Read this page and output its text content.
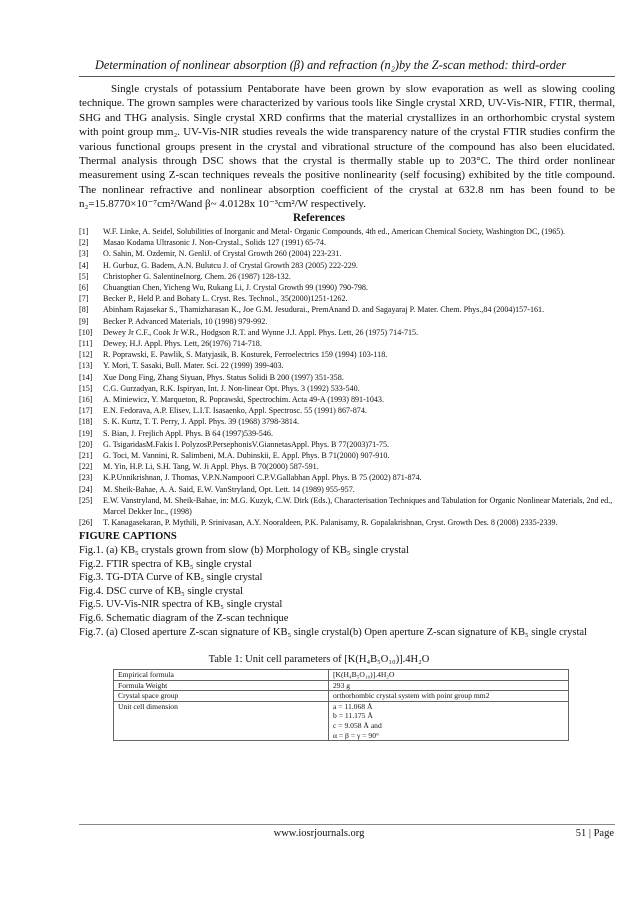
Determination of nonlinear absorption (β) and refraction (n₂)by the Z-scan method: third-order

Single crystals of potassium Pentaborate have been grown by slow evaporation as well as slowing cooling technique. The grown samples were characterized by various tools like Single crystal XRD, UV-Vis-NIR, FTIR, thermal, SHG and THG analysis. Single crystal XRD confirms that the material crystallizes in an orthorhombic crystal system with point group mm₂. UV-Vis-NIR studies reveals the wide transparency nature of the crystal FTIR studies confirm the various functional groups present in the crystal and vibrational structure of the compound has also been elucidated. Thermal analysis through DSC shows that the crystal is thermally stable up to 203°C. The third order nonlinear measurement using Z-scan techniques reveals the positive nonlinearity (self focusing) exhibited by the title compound. The nonlinear refractive and nonlinear absorption coefficient of the crystal at 632.8 nm has been found to be n₂=15.8770×10⁻⁷cm²/Wand β~ 4.0128x 10⁻³cm²/W respectively.

References
[1]	W.F. Linke, A. Seidel, Solubilities of Inorganic and Metal- Organic Compounds, 4th ed., American Chemical Society, Washington DC, (1965).
[2]	Masao Kodama Ultrasonic J. Non-Crystal., Solids 127 (1991) 65-74.
[3]	O. Sahin, M. Ozdemir, N. GenliJ. of Crystal Growth 260 (2004) 223-231.
[4]	H. Gurbuz, G. Badem, A.N. Bulutcu J. of Crystal Growth 283 (2005) 222-229.
[5]	Christopher G. SalentineInorg. Chem. 26 (1987) 128-132.
[6]	Chuangtian Chen, Yicheng Wu, Rukang Li, J. Crystal Growth 99 (1990) 790-798.
[7]	Becker P., Held P. and Bohaty L. Cryst. Res. Technol., 35(2000)1251-1262.
[8]	Abinham Rajasekar S., Thamizharasan K., Joe G.M. Jesudurai., PremAnand D. and Sagayaraj P. Mater. Chem. Phys.,84 (2004)157-161.
[9]	Becker P. Advanced Materials, 10 (1998) 979-992.
[10]	Dewey Jr C.F., Cook Jr W.R., Hodgson R.T. and Wynne J.J. Appl. Phys. Lett, 26 (1975) 714-715.
[11]	Dewey, H.J. Appl. Phys. Lett, 26(1976) 714-718.
[12]	R. Poprawski, E. Pawlik, S. Matyjasik, B. Kosturek, Ferroelectrics 159 (1994) 103-118.
[13]	Y. Mori, T. Sasaki, Bull. Mater. Sci. 22 (1999) 399-403.
[14]	Xue Dong Fing, Zhang Siyuan, Phys. Status Solidi B 200 (1997) 351-358.
[15]	C.G. Gurzadyan, R.K. Ispiryan, Int. J. Non-linear Opt. Phys. 3 (1992) 533-540.
[16]	A. Miniewicz, Y. Marqueton, R. Poprawski, Spectrochim. Acta 49-A (1993) 891-1043.
[17]	E.N. Fedorava, A.P. Elisev, L.I.T. Isasaenko, Appl. Spectrosc. 55 (1991) 867-874.
[18]	S. K. Kurtz, T. T. Perry, J. Appl. Phys. 39 (1968) 3798-3814.
[19]	S. Bian, J. Frejlich Appl. Phys. B 64 (1997)539-546.
[20]	G. TsigaridasM.Fakis I. PolyzosP.PersephonisV.GiannetasAppl. Phys. B 77(2003)71-75.
[21]	G. Toci, M. Vannini, R. Salimbeni, M.A. Dubinskii, E. Appl. Phys. B 71(2000) 907-910.
[22]	M. Yin, H.P. Li, S.H. Tang, W. Ji Appl. Phys. B 70(2000) 587-591.
[23]	K.P.Unnikrishnan, J. Thomas, V.P.N.Nampoori C.P.V.Gallabhan Appl. Phys. B 75 (2002) 871-874.
[24]	M. Sheik-Bahae, A. A. Said, E.W. VanStryland, Opt. Lett. 14 (1989) 955-957.
[25]	E.W. Vanstryland, M. Sheik-Bahae, in: M.G. Kuzyk, C.W. Dirk (Eds.), Characterisation Techniques and Tabulation for Organic Nonlinear Materials, 2nd ed., Marcel Dekker Inc., (1998)
[26]	T. Kanagasekaran, P. Mythili, P. Srinivasan, A.Y. Nooraldeen, P.K. Palanisamy, R. Gopalakrishnan, Cryst. Growth Des. 8 (2008) 2335-2339.
FIGURE CAPTIONS
Fig.1. (a) KB₅ crystals grown from slow (b) Morphology of KB₅ single crystal
Fig.2. FTIR spectra of KB₅ single crystal
Fig.3. TG-DTA Curve of KB₅ single crystal
Fig.4. DSC curve of KB₅ single crystal
Fig.5. UV-Vis-NIR spectra of KB₅ single crystal
Fig.6. Schematic diagram of the Z-scan technique
Fig.7. (a) Closed aperture Z-scan signature of KB₅ single crystal(b) Open aperture Z-scan signature of KB₅ single crystal
Table 1: Unit cell parameters of [K(H₄B₅O₁₀)].4H₂O
Empirical formula	[K(H₄B₅O₁₀)].4H₂O
Formula Weight	293 g
Crystal space group	orthorhombic crystal system with point group mm2
Unit cell dimension	a = 11.068 Å
b = 11.175 Å
c = 9.058 Å and
α = β = γ = 90°
www.iosrjournals.org	51 | Page
